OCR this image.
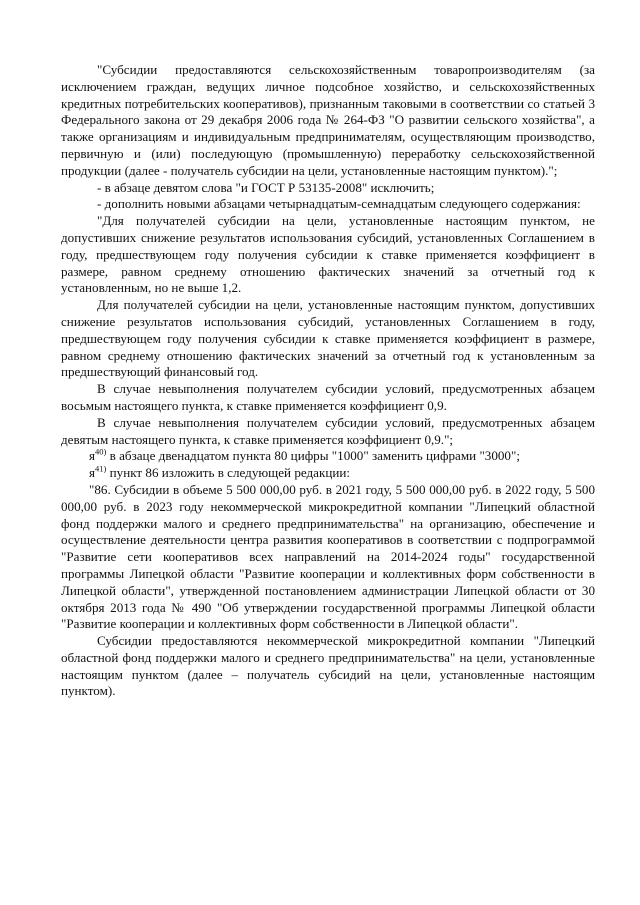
"Субсидии предоставляются сельскохозяйственным товаропроизводителям (за исключением граждан, ведущих личное подсобное хозяйство, и сельскохозяйственных кредитных потребительских кооперативов), признанным таковыми в соответствии со статьей 3 Федерального закона от 29 декабря 2006 года № 264-ФЗ "О развитии сельского хозяйства", а также организациям и индивидуальным предпринимателям, осуществляющим производство, первичную и (или) последующую (промышленную) переработку сельскохозяйственной продукции (далее - получатель субсидии на цели, установленные настоящим пунктом).";

- в абзаце девятом слова "и ГОСТ Р 53135-2008" исключить;

- дополнить новыми абзацами четырнадцатым-семнадцатым следующего содержания:

"Для получателей субсидии на цели, установленные настоящим пунктом, не допустивших снижение результатов использования субсидий, установленных Соглашением в году, предшествующем году получения субсидии к ставке применяется коэффициент в размере, равном среднему отношению фактических значений за отчетный год к установленным, но не выше 1,2.

Для получателей субсидии на цели, установленные настоящим пунктом, допустивших снижение результатов использования субсидий, установленных Соглашением в году, предшествующем году получения субсидии к ставке применяется коэффициент в размере, равном среднему отношению фактических значений за отчетный год к установленным за предшествующий финансовый год.

В случае невыполнения получателем субсидии условий, предусмотренных абзацем восьмым настоящего пункта, к ставке применяется коэффициент 0,9.

В случае невыполнения получателем субсидии условий, предусмотренных абзацем девятым настоящего пункта, к ставке применяется коэффициент 0,9.";

$я^{40)}$ в абзаце двенадцатом пункта 80 цифры "1000" заменить цифрами "3000";

$я^{41)}$ пункт 86 изложить в следующей редакции:

"86. Субсидии в объеме 5 500 000,00 руб. в 2021 году, 5 500 000,00 руб. в 2022 году, 5 500 000,00 руб. в 2023 году некоммерческой микрокредитной компании "Липецкий областной фонд поддержки малого и среднего предпринимательства" на организацию, обеспечение и осуществление деятельности центра развития кооперативов в соответствии с подпрограммой "Развитие сети кооперативов всех направлений на 2014-2024 годы" государственной программы Липецкой области "Развитие кооперации и коллективных форм собственности в Липецкой области", утвержденной постановлением администрации Липецкой области от 30 октября 2013 года № 490 "Об утверждении государственной программы Липецкой области "Развитие кооперации и коллективных форм собственности в Липецкой области".

Субсидии предоставляются некоммерческой микрокредитной компании "Липецкий областной фонд поддержки малого и среднего предпринимательства" на цели, установленные настоящим пунктом (далее – получатель субсидий на цели, установленные настоящим пунктом).
